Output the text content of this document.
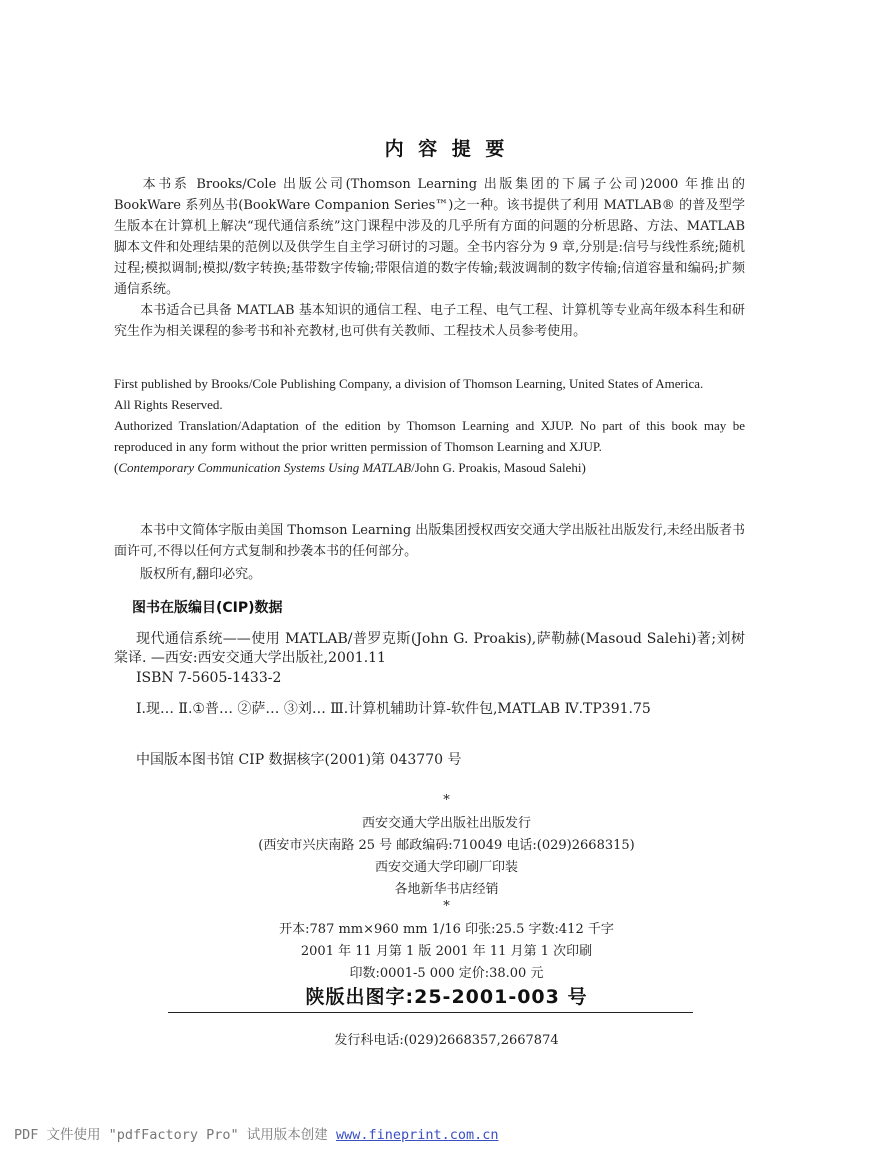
内 容 提 要

本书系 Brooks/Cole 出版公司(Thomson Learning 出版集团的下属子公司)2000 年推出的 BookWare 系列丛书(BookWare Companion Series™)之一种。该书提供了利用 MATLAB® 的普及型学生版本在计算机上解决“现代通信系统”这门课程中涉及的几乎所有方面的问题的分析思路、方法、MATLAB 脚本文件和处理结果的范例以及供学生自主学习研讨的习题。全书内容分为 9 章,分别是:信号与线性系统;随机过程;模拟调制;模拟/数字转换;基带数字传输;带限信道的数字传输;载波调制的数字传输;信道容量和编码;扩频通信系统。

本书适合已具备 MATLAB 基本知识的通信工程、电子工程、电气工程、计算机等专业高年级本科生和研究生作为相关课程的参考书和补充教材,也可供有关教师、工程技术人员参考使用。

First published by Brooks/Cole Publishing Company, a division of Thomson Learning, United States of America.
All Rights Reserved.
Authorized Translation/Adaptation of the edition by Thomson Learning and XJUP. No part of this book may be reproduced in any form without the prior written permission of Thomson Learning and XJUP.
(Contemporary Communication Systems Using MATLAB/John G. Proakis, Masoud Salehi)

本书中文简体字版由美国 Thomson Learning 出版集团授权西安交通大学出版社出版发行,未经出版者书面许可,不得以任何方式复制和抄袭本书的任何部分。

版权所有,翻印必究。

图书在版编目(CIP)数据

现代通信系统——使用 MATLAB/普罗克斯(John G. Proakis),萨勒赫(Masoud Salehi)著;刘树棠译. —西安:西安交通大学出版社,2001.11

ISBN 7-5605-1433-2

Ⅰ.现… Ⅱ.①普… ②萨… ③刘… Ⅲ.计算机辅助计算-软件包,MATLAB Ⅳ.TP391.75

中国版本图书馆 CIP 数据核字(2001)第 043770 号

*
西安交通大学出版社出版发行
(西安市兴庆南路 25 号 邮政编码:710049 电话:(029)2668315)
西安交通大学印刷厂印装
各地新华书店经销
*
开本:787 mm×960 mm 1/16 印张:25.5 字数:412 千字
2001 年 11 月第 1 版 2001 年 11 月第 1 次印刷
印数:0001-5 000 定价:38.00 元
陕版出图字:25-2001-003 号
发行科电话:(029)2668357,2667874
PDF 文件使用 "pdfFactory Pro" 试用版本创建 www.fineprint.com.cn
